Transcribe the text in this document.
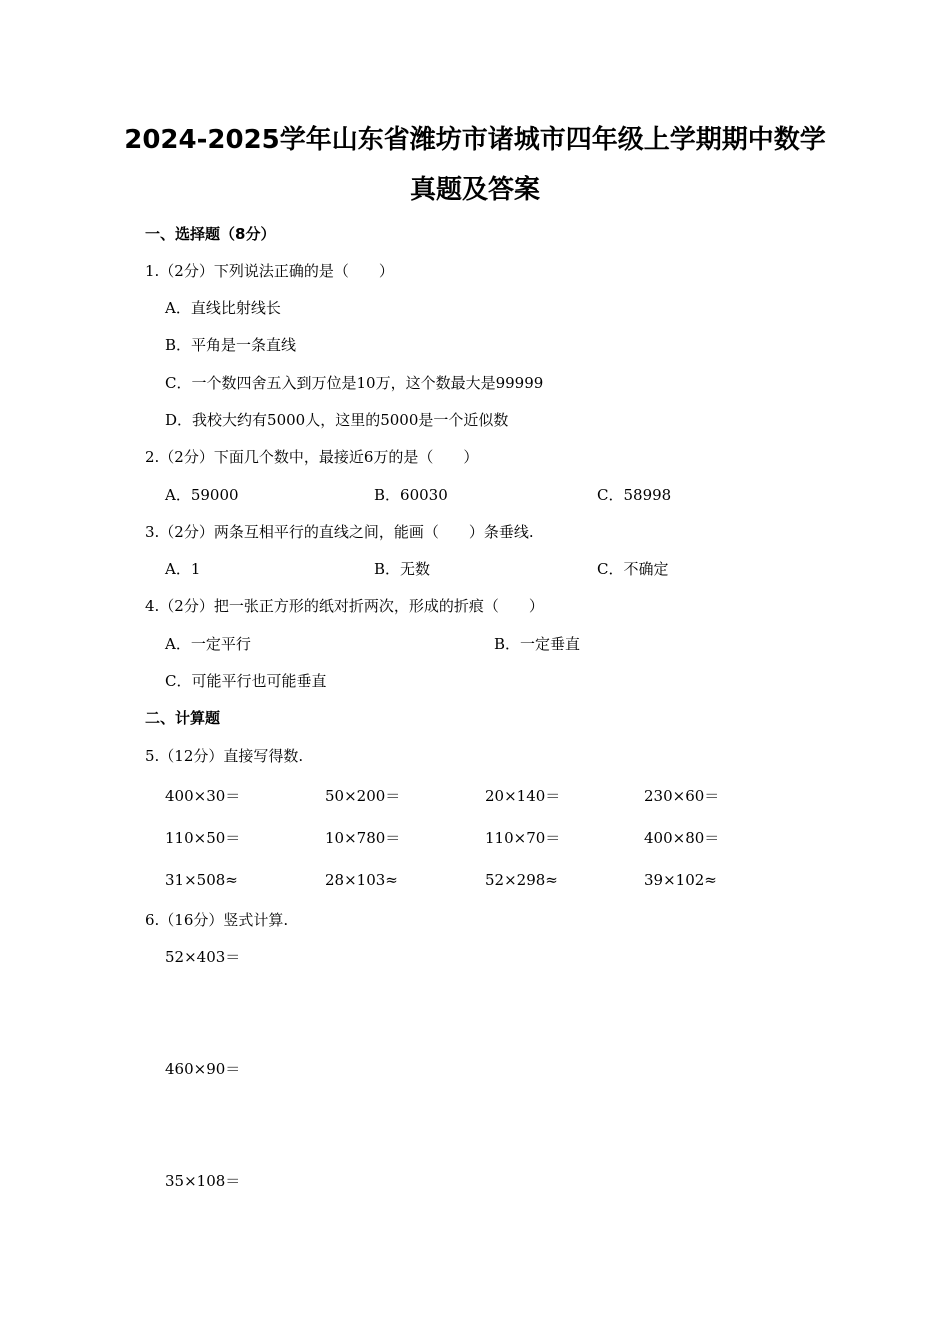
2024-2025学年山东省潍坊市诸城市四年级上学期期中数学
真题及答案
一、选择题（8分）
1.（2分）下列说法正确的是（　　）
A．直线比射线长
B．平角是一条直线
C．一个数四舍五入到万位是10万，这个数最大是99999
D．我校大约有5000人，这里的5000是一个近似数
2.（2分）下面几个数中，最接近6万的是（　　）
A．59000	B．60030	C．58998
3.（2分）两条互相平行的直线之间，能画（　　）条垂线.
A．1	B．无数	C．不确定
4.（2分）把一张正方形的纸对折两次，形成的折痕（　　）
A．一定平行	B．一定垂直
C．可能平行也可能垂直
二、计算题
5.（12分）直接写得数.
400×30＝	50×200＝	20×140＝	230×60＝
110×50＝	10×780＝	110×70＝	400×80＝
31×508≈	28×103≈	52×298≈	39×102≈
6.（16分）竖式计算.
52×403＝
460×90＝
35×108＝
